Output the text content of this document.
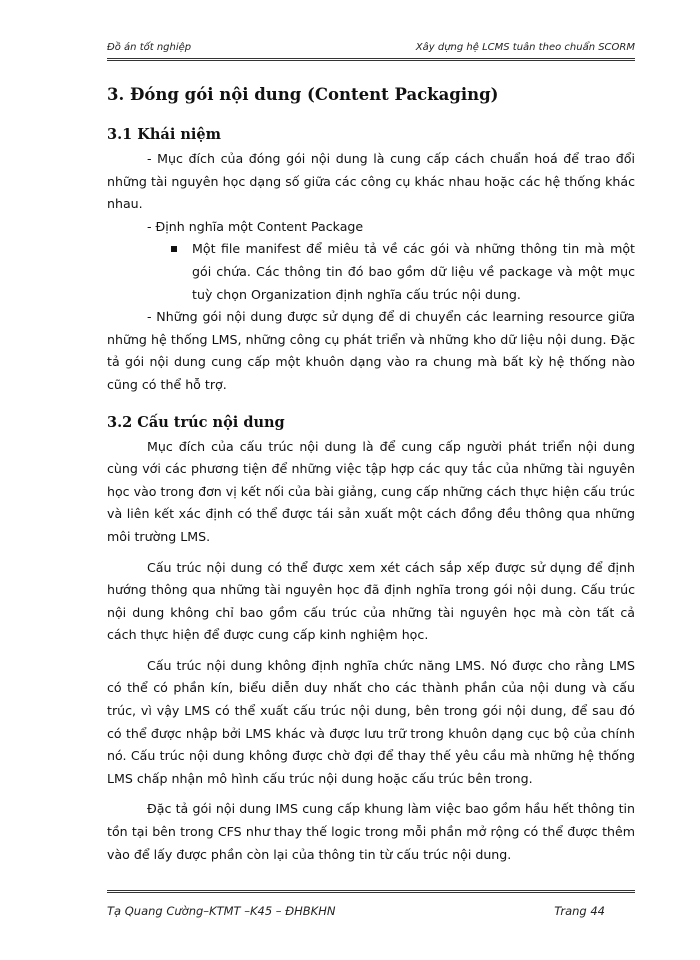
Đồ án tốt nghiệp	Xây dựng hệ LCMS tuân theo chuẩn SCORM
3. Đóng gói nội dung (Content Packaging)
3.1 Khái niệm

- Mục đích của đóng gói nội dung là cung cấp cách chuẩn hoá để trao đổi những tài nguyên học dạng số giữa các công cụ khác nhau hoặc các hệ thống khác nhau.

- Định nghĩa một Content Package

Một file manifest để miêu tả về các gói và những thông tin mà một gói chứa. Các thông tin đó bao gồm dữ liệu về package và một mục tuỳ chọn Organization định nghĩa cấu trúc nội dung.

- Những gói nội dung được sử dụng để di chuyển các learning resource giữa những hệ thống LMS, những công cụ phát triển và những kho dữ liệu nội dung. Đặc tả gói nội dung cung cấp một khuôn dạng vào ra chung mà bất kỳ hệ thống nào cũng có thể hỗ trợ.

3.2 Cấu trúc nội dung

Mục đích của cấu trúc nội dung là để cung cấp người phát triển nội dung cùng với các phương tiện để những việc tập hợp các quy tắc của những tài nguyên học vào trong đơn vị kết nối của bài giảng, cung cấp những cách thực hiện cấu trúc và liên kết xác định có thể được tái sản xuất một cách đồng đều thông qua những môi trường LMS.

Cấu trúc nội dung có thể được xem xét cách sắp xếp được sử dụng để định hướng thông qua những tài nguyên học đã định nghĩa trong gói nội dung. Cấu trúc nội dung không chỉ bao gồm cấu trúc của những tài nguyên học mà còn tất cả cách thực hiện để được cung cấp kinh nghiệm học.

Cấu trúc nội dung không định nghĩa chức năng LMS. Nó được cho rằng LMS có thể có phần kín, biểu diễn duy nhất cho các thành phần của nội dung và cấu trúc, vì vậy LMS có thể xuất cấu trúc nội dung, bên trong gói nội dung, để sau đó có thể được nhập bởi LMS khác và được lưu trữ trong khuôn dạng cục bộ của chính nó. Cấu trúc nội dung không được chờ đợi để thay thế yêu cầu mà những hệ thống LMS chấp nhận mô hình cấu trúc nội dung hoặc cấu trúc bên trong.

Đặc tả gói nội dung IMS cung cấp khung làm việc bao gồm hầu hết thông tin tồn tại bên trong CFS như thay thế logic trong mỗi phần mở rộng có thể được thêm vào để lấy được phần còn lại của thông tin từ cấu trúc nội dung.

Tạ Quang Cường–KTMT –K45 – ĐHBKHN	Trang 44
